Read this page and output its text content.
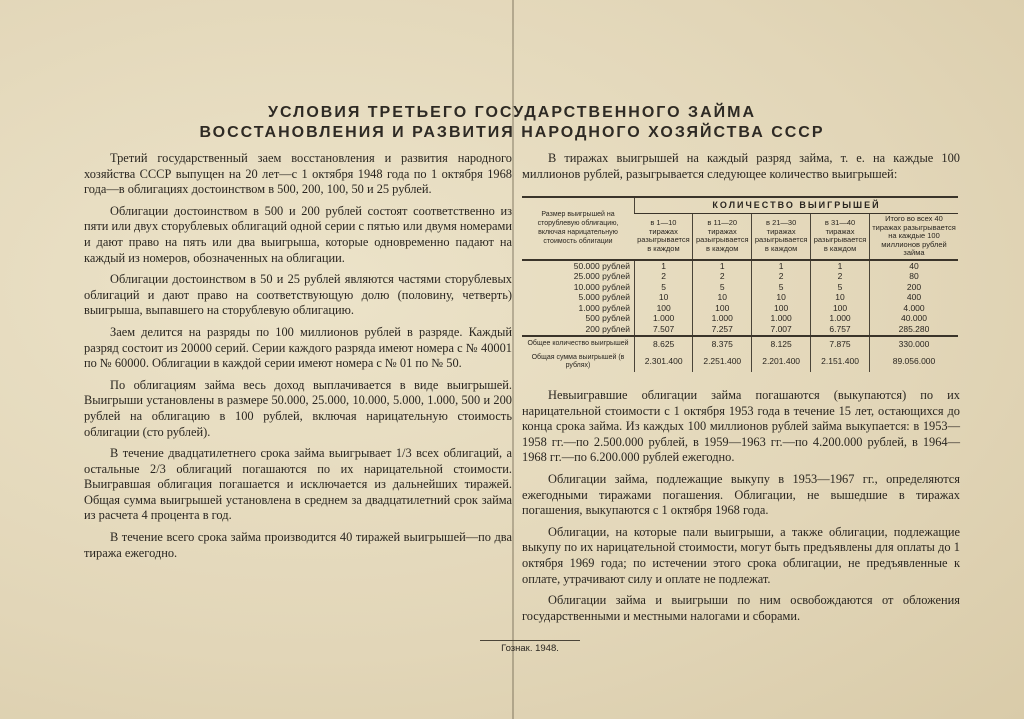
УСЛОВИЯ ТРЕТЬЕГО ГОСУДАРСТВЕННОГО ЗАЙМА
ВОССТАНОВЛЕНИЯ И РАЗВИТИЯ НАРОДНОГО ХОЗЯЙСТВА СССР

Третий государственный заем восстановления и развития народного хозяйства СССР выпущен на 20 лет—с 1 октября 1948 года по 1 октября 1968 года—в облигациях достоинством в 500, 200, 100, 50 и 25 рублей.

Облигации достоинством в 500 и 200 рублей состоят соответственно из пяти или двух сторублевых облигаций одной серии с пятью или двумя номерами и дают право на пять или два выигрыша, которые одновременно падают на каждый из номеров, обозначенных на облигации.

Облигации достоинством в 50 и 25 рублей являются частями сторублевых облигаций и дают право на соответствующую долю (половину, четверть) выигрыша, выпавшего на сторублевую облигацию.

Заем делится на разряды по 100 миллионов рублей в разряде. Каждый разряд состоит из 20000 серий. Серии каждого разряда имеют номера с № 40001 по № 60000. Облигации в каждой серии имеют номера с № 01 по № 50.

По облигациям займа весь доход выплачивается в виде выигрышей. Выигрыши установлены в размере 50.000, 25.000, 10.000, 5.000, 1.000, 500 и 200 рублей на облигацию в 100 рублей, включая нарицательную стоимость облигации (сто рублей).

В течение двадцатилетнего срока займа выигрывает 1/3 всех облигаций, а остальные 2/3 облигаций погашаются по их нарицательной стоимости. Выигравшая облигация погашается и исключается из дальнейших тиражей. Общая сумма выигрышей установлена в среднем за двадцатилетний срок займа из расчета 4 процента в год.

В течение всего срока займа производится 40 тиражей выигрышей—по два тиража ежегодно.

В тиражах выигрышей на каждый разряд займа, т. е. на каждые 100 миллионов рублей, разыгрывается следующее количество выигрышей:

Размер выигрышей на сторублевую облигацию, включая нарицательную стоимость облигации	КОЛИЧЕСТВО ВЫИГРЫШЕЙ				
	в 1—10 тиражах разыгрывается в каждом	в 11—20 тиражах разыгрывается в каждом	в 21—30 тиражах разыгрывается в каждом	в 31—40 тиражах разыгрывается в каждом	Итого во всех 40 тиражах разыгрывается на каждые 100 миллионов рублей займа
50.000 рублей	1	1	1	1	40
25.000 рублей	2	2	2	2	80
10.000 рублей	5	5	5	5	200
5.000 рублей	10	10	10	10	400
1.000 рублей	100	100	100	100	4.000
500 рублей	1.000	1.000	1.000	1.000	40.000
200 рублей	7.507	7.257	7.007	6.757	285.280
Общее количество выигрышей	8.625	8.375	8.125	7.875	330.000
Общая сумма выигрышей (в рублях)	2.301.400	2.251.400	2.201.400	2.151.400	89.056.000

Невыигравшие облигации займа погашаются (выкупаются) по их нарицательной стоимости с 1 октября 1953 года в течение 15 лет, остающихся до конца срока займа. Из каждых 100 миллионов рублей займа выкупается: в 1953—1958 гг.—по 2.500.000 рублей, в 1959—1963 гг.—по 4.200.000 рублей, в 1964—1968 гг.—по 6.200.000 рублей ежегодно.

Облигации займа, подлежащие выкупу в 1953—1967 гг., определяются ежегодными тиражами погашения. Облигации, не вышедшие в тиражах погашения, выкупаются с 1 октября 1968 года.

Облигации, на которые пали выигрыши, а также облигации, подлежащие выкупу по их нарицательной стоимости, могут быть предъявлены для оплаты до 1 октября 1969 года; по истечении этого срока облигации, не предъявленные к оплате, утрачивают силу и оплате не подлежат.

Облигации займа и выигрыши по ним освобождаются от обложения государственными и местными налогами и сборами.

Гознак. 1948.
